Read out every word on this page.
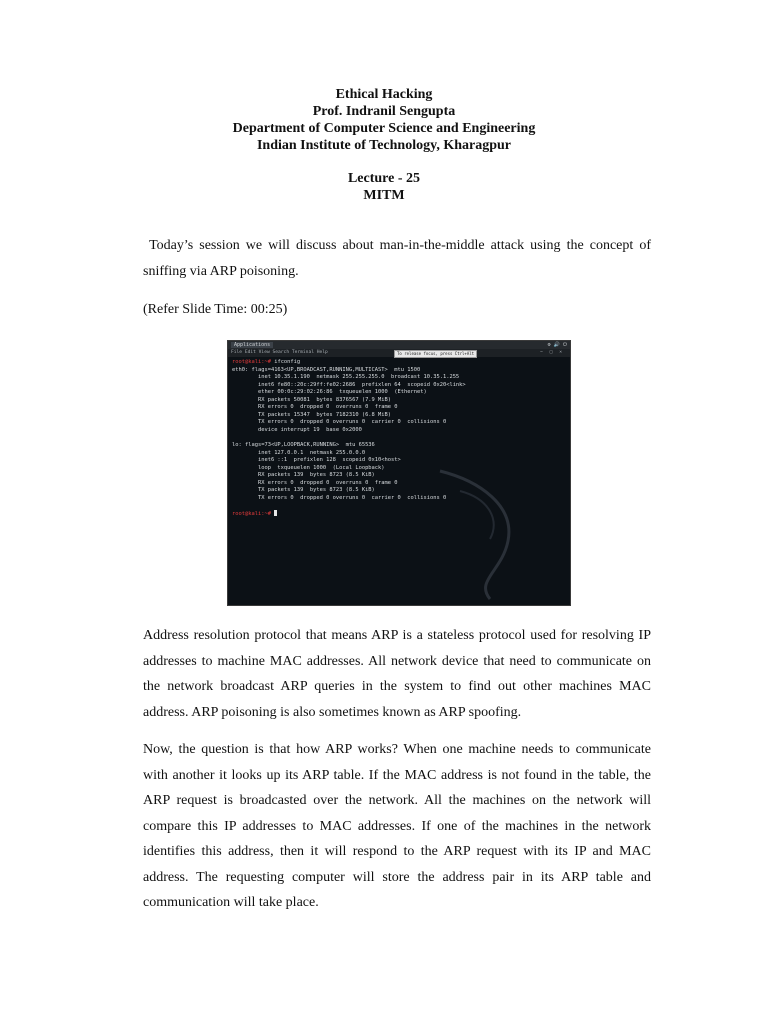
Ethical Hacking
Prof. Indranil Sengupta
Department of Computer Science and Engineering
Indian Institute of Technology, Kharagpur
Lecture - 25
MITM
Today’s session we will discuss about man-in-the-middle attack using the concept of sniffing via ARP poisoning.
(Refer Slide Time: 00:25)
Applications	⚙ 🔊 ⏻
File Edit View Search Terminal Help	− □ ×
To release focus, press Ctrl+Alt
root@kali:~# ifconfig
eth0: flags=4163<UP,BROADCAST,RUNNING,MULTICAST>  mtu 1500
inet 10.35.1.190  netmask 255.255.255.0  broadcast 10.35.1.255
inet6 fe80::20c:29ff:fe02:2686  prefixlen 64  scopeid 0x20<link>
ether 00:0c:29:02:26:86  txqueuelen 1000  (Ethernet)
RX packets 50081  bytes 8376567 (7.9 MiB)
RX errors 0  dropped 0  overruns 0  frame 0
TX packets 15347  bytes 7182310 (6.8 MiB)
TX errors 0  dropped 0 overruns 0  carrier 0  collisions 0
device interrupt 19  base 0x2000

lo: flags=73<UP,LOOPBACK,RUNNING>  mtu 65536
inet 127.0.0.1  netmask 255.0.0.0
inet6 ::1  prefixlen 128  scopeid 0x10<host>
loop  txqueuelen 1000  (Local Loopback)
RX packets 139  bytes 8723 (8.5 KiB)
RX errors 0  dropped 0  overruns 0  frame 0
TX packets 139  bytes 8723 (8.5 KiB)
TX errors 0  dropped 0 overruns 0  carrier 0  collisions 0

root@kali:~#
Address resolution protocol that means ARP is a stateless protocol used for resolving IP addresses to machine MAC addresses. All network device that need to communicate on the network broadcast ARP queries in the system to find out other machines MAC address. ARP poisoning is also sometimes known as ARP spoofing.
Now, the question is that how ARP works? When one machine needs to communicate with another it looks up its ARP table. If the MAC address is not found in the table, the ARP request is broadcasted over the network. All the machines on the network will compare this IP addresses to MAC addresses. If one of the machines in the network identifies this address, then it will respond to the ARP request with its IP and MAC address. The requesting computer will store the address pair in its ARP table and communication will take place.
